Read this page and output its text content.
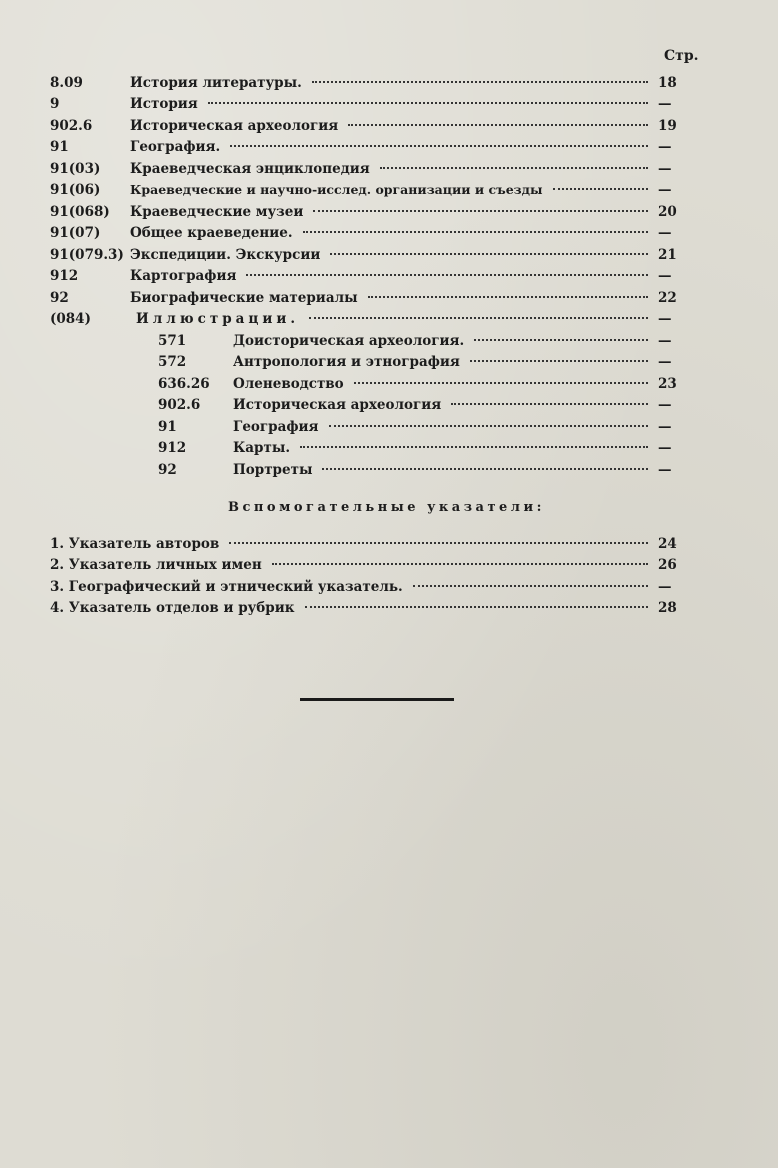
Стр.
8.09	История литературы.	18
9	История	—
902.6	Историческая археология	19
91	География.	—
91(03)	Краеведческая энциклопедия	—
91(06)	Краеведческие и научно-исслед. организации и съезды	—
91(068)	Краеведческие музеи	20
91(07)	Общее краеведение.	—
91(079.3) Экспедиции. Экскурсии	21
912	Картография	—
92	Биографические материалы	22
(084)	Иллюстрации.	—
571	Доисторическая археология.	—
572	Антропология и этнография	—
636.26	Оленеводство	23
902.6	Историческая археология	—
91	География	—
912	Карты.	—
92	Портреты	—
Вспомогательные указатели:
1. Указатель авторов	24
2. Указатель личных имен	26
3. Географический и этнический указатель.	—
4. Указатель отделов и рубрик	28
